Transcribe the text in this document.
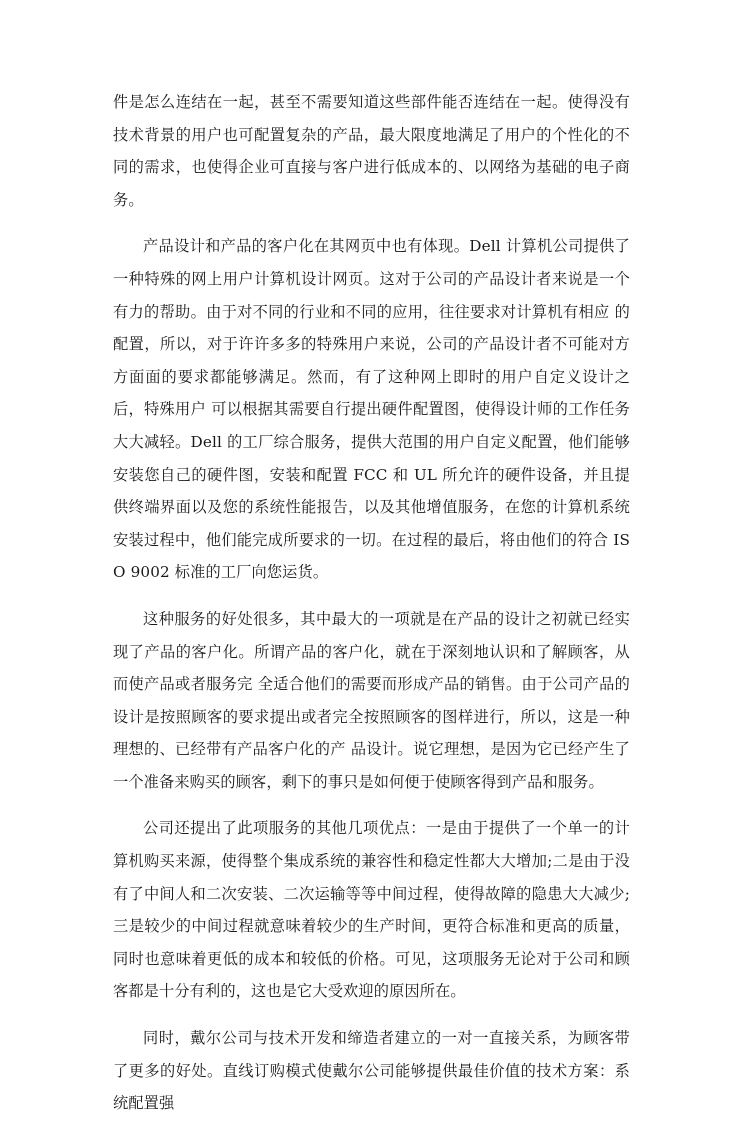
件是怎么连结在一起，甚至不需要知道这些部件能否连结在一起。使得没有技术背景的用户也可配置复杂的产品，最大限度地满足了用户的个性化的不同的需求，也使得企业可直接与客户进行低成本的、以网络为基础的电子商务。

产品设计和产品的客户化在其网页中也有体现。Dell 计算机公司提供了一种特殊的网上用户计算机设计网页。这对于公司的产品设计者来说是一个有力的帮助。由于对不同的行业和不同的应用，往往要求对计算机有相应 的配置，所以，对于许许多多的特殊用户来说，公司的产品设计者不可能对方方面面的要求都能够满足。然而，有了这种网上即时的用户自定义设计之后，特殊用户 可以根据其需要自行提出硬件配置图，使得设计师的工作任务大大减轻。Dell 的工厂综合服务，提供大范围的用户自定义配置，他们能够安装您自己的硬件图，安装和配置 FCC 和 UL 所允许的硬件设备，并且提供终端界面以及您的系统性能报告，以及其他增值服务，在您的计算机系统安装过程中，他们能完成所要求的一切。在过程的最后，将由他们的符合 ISO 9002 标准的工厂向您运货。

这种服务的好处很多，其中最大的一项就是在产品的设计之初就已经实现了产品的客户化。所谓产品的客户化，就在于深刻地认识和了解顾客，从而使产品或者服务完 全适合他们的需要而形成产品的销售。由于公司产品的设计是按照顾客的要求提出或者完全按照顾客的图样进行，所以，这是一种理想的、已经带有产品客户化的产 品设计。说它理想，是因为它已经产生了一个准备来购买的顾客，剩下的事只是如何便于使顾客得到产品和服务。

公司还提出了此项服务的其他几项优点：一是由于提供了一个单一的计算机购买来源，使得整个集成系统的兼容性和稳定性都大大增加;二是由于没有了中间人和二次安装、二次运输等等中间过程，使得故障的隐患大大减少;三是较少的中间过程就意味着较少的生产时间，更符合标准和更高的质量，同时也意味着更低的成本和较低的价格。可见，这项服务无论对于公司和顾客都是十分有利的，这也是它大受欢迎的原因所在。

同时，戴尔公司与技术开发和缔造者建立的一对一直接关系，为顾客带了更多的好处。直线订购模式使戴尔公司能够提供最佳价值的技术方案：系统配置强
